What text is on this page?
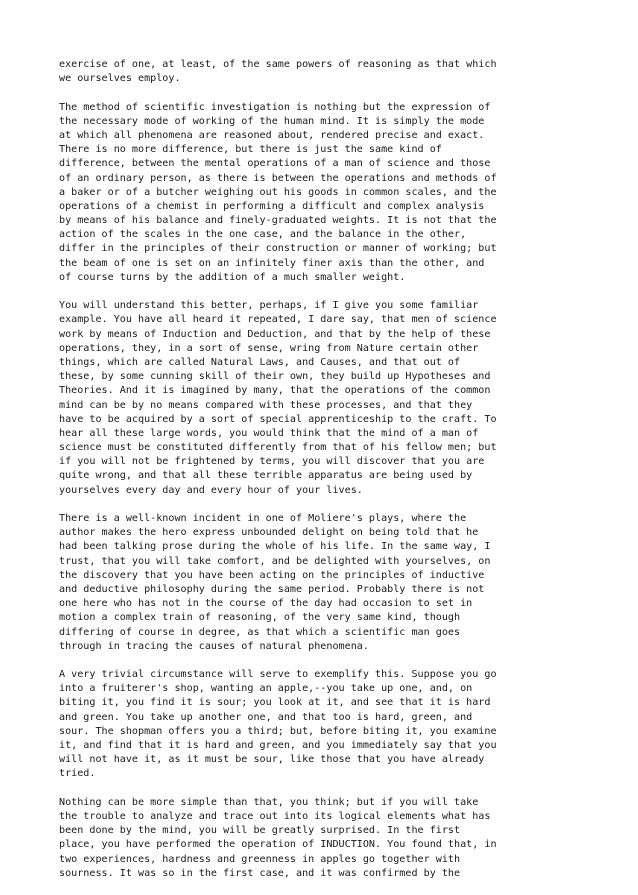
exercise of one, at least, of the same powers of reasoning as that which
we ourselves employ.
The method of scientific investigation is nothing but the expression of
the necessary mode of working of the human mind. It is simply the mode
at which all phenomena are reasoned about, rendered precise and exact.
There is no more difference, but there is just the same kind of
difference, between the mental operations of a man of science and those
of an ordinary person, as there is between the operations and methods of
a baker or of a butcher weighing out his goods in common scales, and the
operations of a chemist in performing a difficult and complex analysis
by means of his balance and finely-graduated weights. It is not that the
action of the scales in the one case, and the balance in the other,
differ in the principles of their construction or manner of working; but
the beam of one is set on an infinitely finer axis than the other, and
of course turns by the addition of a much smaller weight.
You will understand this better, perhaps, if I give you some familiar
example. You have all heard it repeated, I dare say, that men of science
work by means of Induction and Deduction, and that by the help of these
operations, they, in a sort of sense, wring from Nature certain other
things, which are called Natural Laws, and Causes, and that out of
these, by some cunning skill of their own, they build up Hypotheses and
Theories. And it is imagined by many, that the operations of the common
mind can be by no means compared with these processes, and that they
have to be acquired by a sort of special apprenticeship to the craft. To
hear all these large words, you would think that the mind of a man of
science must be constituted differently from that of his fellow men; but
if you will not be frightened by terms, you will discover that you are
quite wrong, and that all these terrible apparatus are being used by
yourselves every day and every hour of your lives.
There is a well-known incident in one of Moliere's plays, where the
author makes the hero express unbounded delight on being told that he
had been talking prose during the whole of his life. In the same way, I
trust, that you will take comfort, and be delighted with yourselves, on
the discovery that you have been acting on the principles of inductive
and deductive philosophy during the same period. Probably there is not
one here who has not in the course of the day had occasion to set in
motion a complex train of reasoning, of the very same kind, though
differing of course in degree, as that which a scientific man goes
through in tracing the causes of natural phenomena.
A very trivial circumstance will serve to exemplify this. Suppose you go
into a fruiterer's shop, wanting an apple,--you take up one, and, on
biting it, you find it is sour; you look at it, and see that it is hard
and green. You take up another one, and that too is hard, green, and
sour. The shopman offers you a third; but, before biting it, you examine
it, and find that it is hard and green, and you immediately say that you
will not have it, as it must be sour, like those that you have already
tried.
Nothing can be more simple than that, you think; but if you will take
the trouble to analyze and trace out into its logical elements what has
been done by the mind, you will be greatly surprised. In the first
place, you have performed the operation of INDUCTION. You found that, in
two experiences, hardness and greenness in apples go together with
sourness. It was so in the first case, and it was confirmed by the
